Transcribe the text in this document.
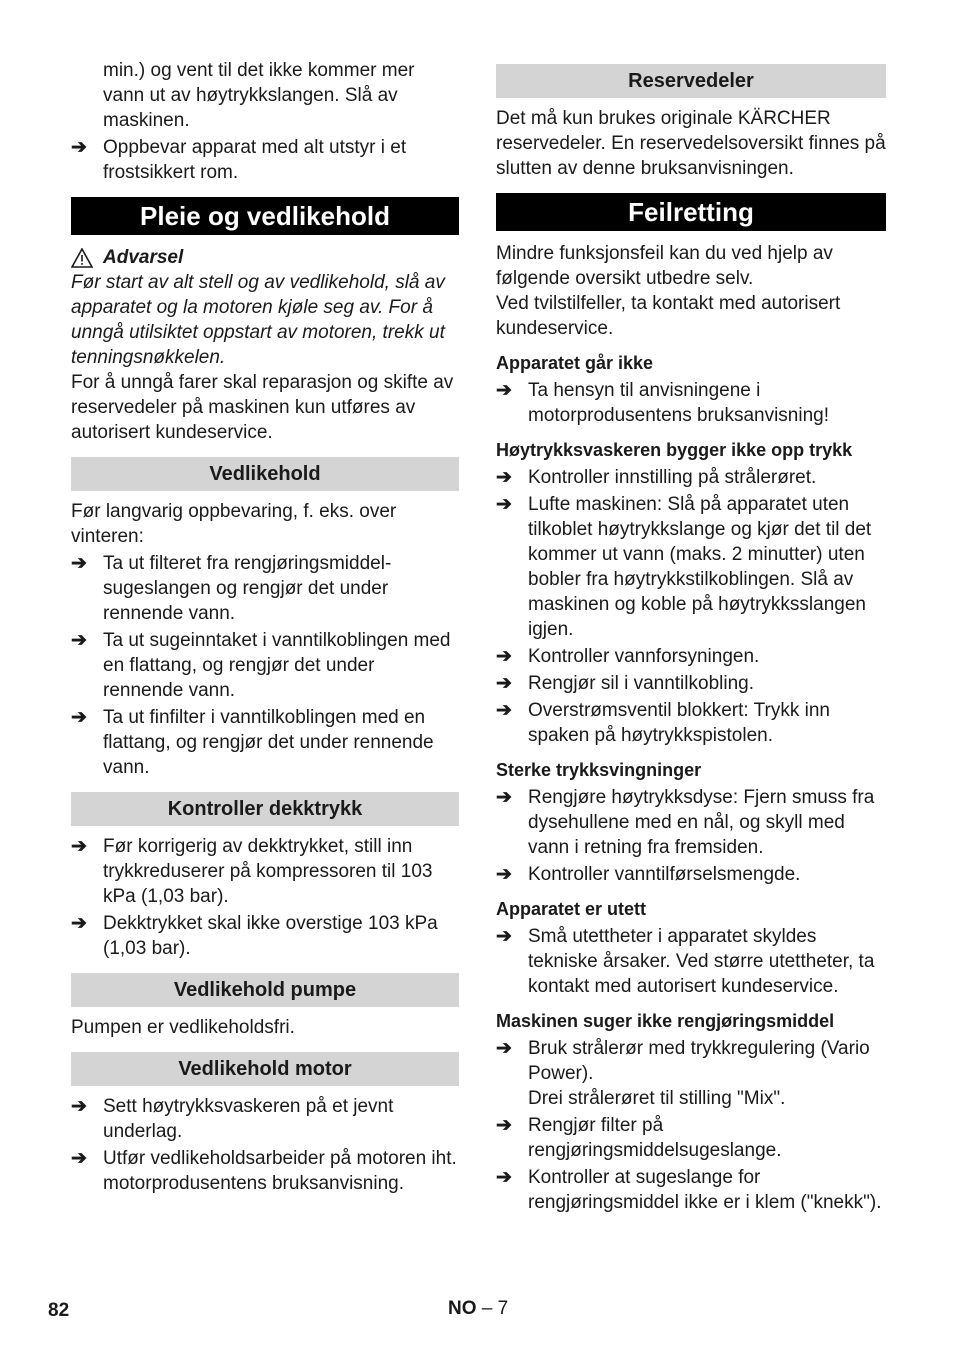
min.) og vent til det ikke kommer mer vann ut av høytrykkslangen. Slå av maskinen.

➔ Oppbevar apparat med alt utstyr i et frostsikkert rom.
Pleie og vedlikehold
Advarsel

Før start av alt stell og av vedlikehold, slå av apparatet og la motoren kjøle seg av. For å unngå utilsiktet oppstart av motoren, trekk ut tenningsnøkkelen.

For å unngå farer skal reparasjon og skifte av reservedeler på maskinen kun utføres av autorisert kundeservice.

Vedlikehold

Før langvarig oppbevaring, f. eks. over vinteren:

➔ Ta ut filteret fra rengjøringsmiddel-sugeslangen og rengjør det under rennende vann.
➔ Ta ut sugeinntaket i vanntilkoblingen med en flattang, og rengjør det under rennende vann.
➔ Ta ut finfilter i vanntilkoblingen med en flattang, og rengjør det under rennende vann.
Kontroller dekktrykk
➔ Før korrigerig av dekktrykket, still inn trykkreduserer på kompressoren til 103 kPa (1,03 bar).
➔ Dekktrykket skal ikke overstige 103 kPa (1,03 bar).
Vedlikehold pumpe

Pumpen er vedlikeholdsfri.

Vedlikehold motor
➔ Sett høytrykksvaskeren på et jevnt underlag.
➔ Utfør vedlikeholdsarbeider på motoren iht. motorprodusentens bruksanvisning.
Reservedeler

Det må kun brukes originale KÄRCHER reservedeler. En reservedelsoversikt finnes på slutten av denne bruksanvisningen.

Feilretting

Mindre funksjonsfeil kan du ved hjelp av følgende oversikt utbedre selv.

Ved tvilstilfeller, ta kontakt med autorisert kundeservice.

Apparatet går ikke
➔ Ta hensyn til anvisningene i motorprodusentens bruksanvisning!
Høytrykksvaskeren bygger ikke opp trykk
➔ Kontroller innstilling på strålerøret.
➔ Lufte maskinen: Slå på apparatet uten tilkoblet høytrykkslange og kjør det til det kommer ut vann (maks. 2 minutter) uten bobler fra høytrykkstilkoblingen. Slå av maskinen og koble på høytrykksslangen igjen.
➔ Kontroller vannforsyningen.
➔ Rengjør sil i vanntilkobling.
➔ Overstrømsventil blokkert: Trykk inn spaken på høytrykkspistolen.
Sterke trykksvingninger
➔ Rengjøre høytrykksdyse: Fjern smuss fra dysehullene med en nål, og skyll med vann i retning fra fremsiden.
➔ Kontroller vanntilførselsmengde.
Apparatet er utett
➔ Små utettheter i apparatet skyldes tekniske årsaker. Ved større utettheter, ta kontakt med autorisert kundeservice.
Maskinen suger ikke rengjøringsmiddel
➔ Bruk strålerør med trykkregulering (Vario Power).

Drei strålerøret til stilling "Mix".

➔ Rengjør filter på rengjøringsmiddelsugeslange.
➔ Kontroller at sugeslange for rengjøringsmiddel ikke er i klem ("knekk").
82	NO – 7
